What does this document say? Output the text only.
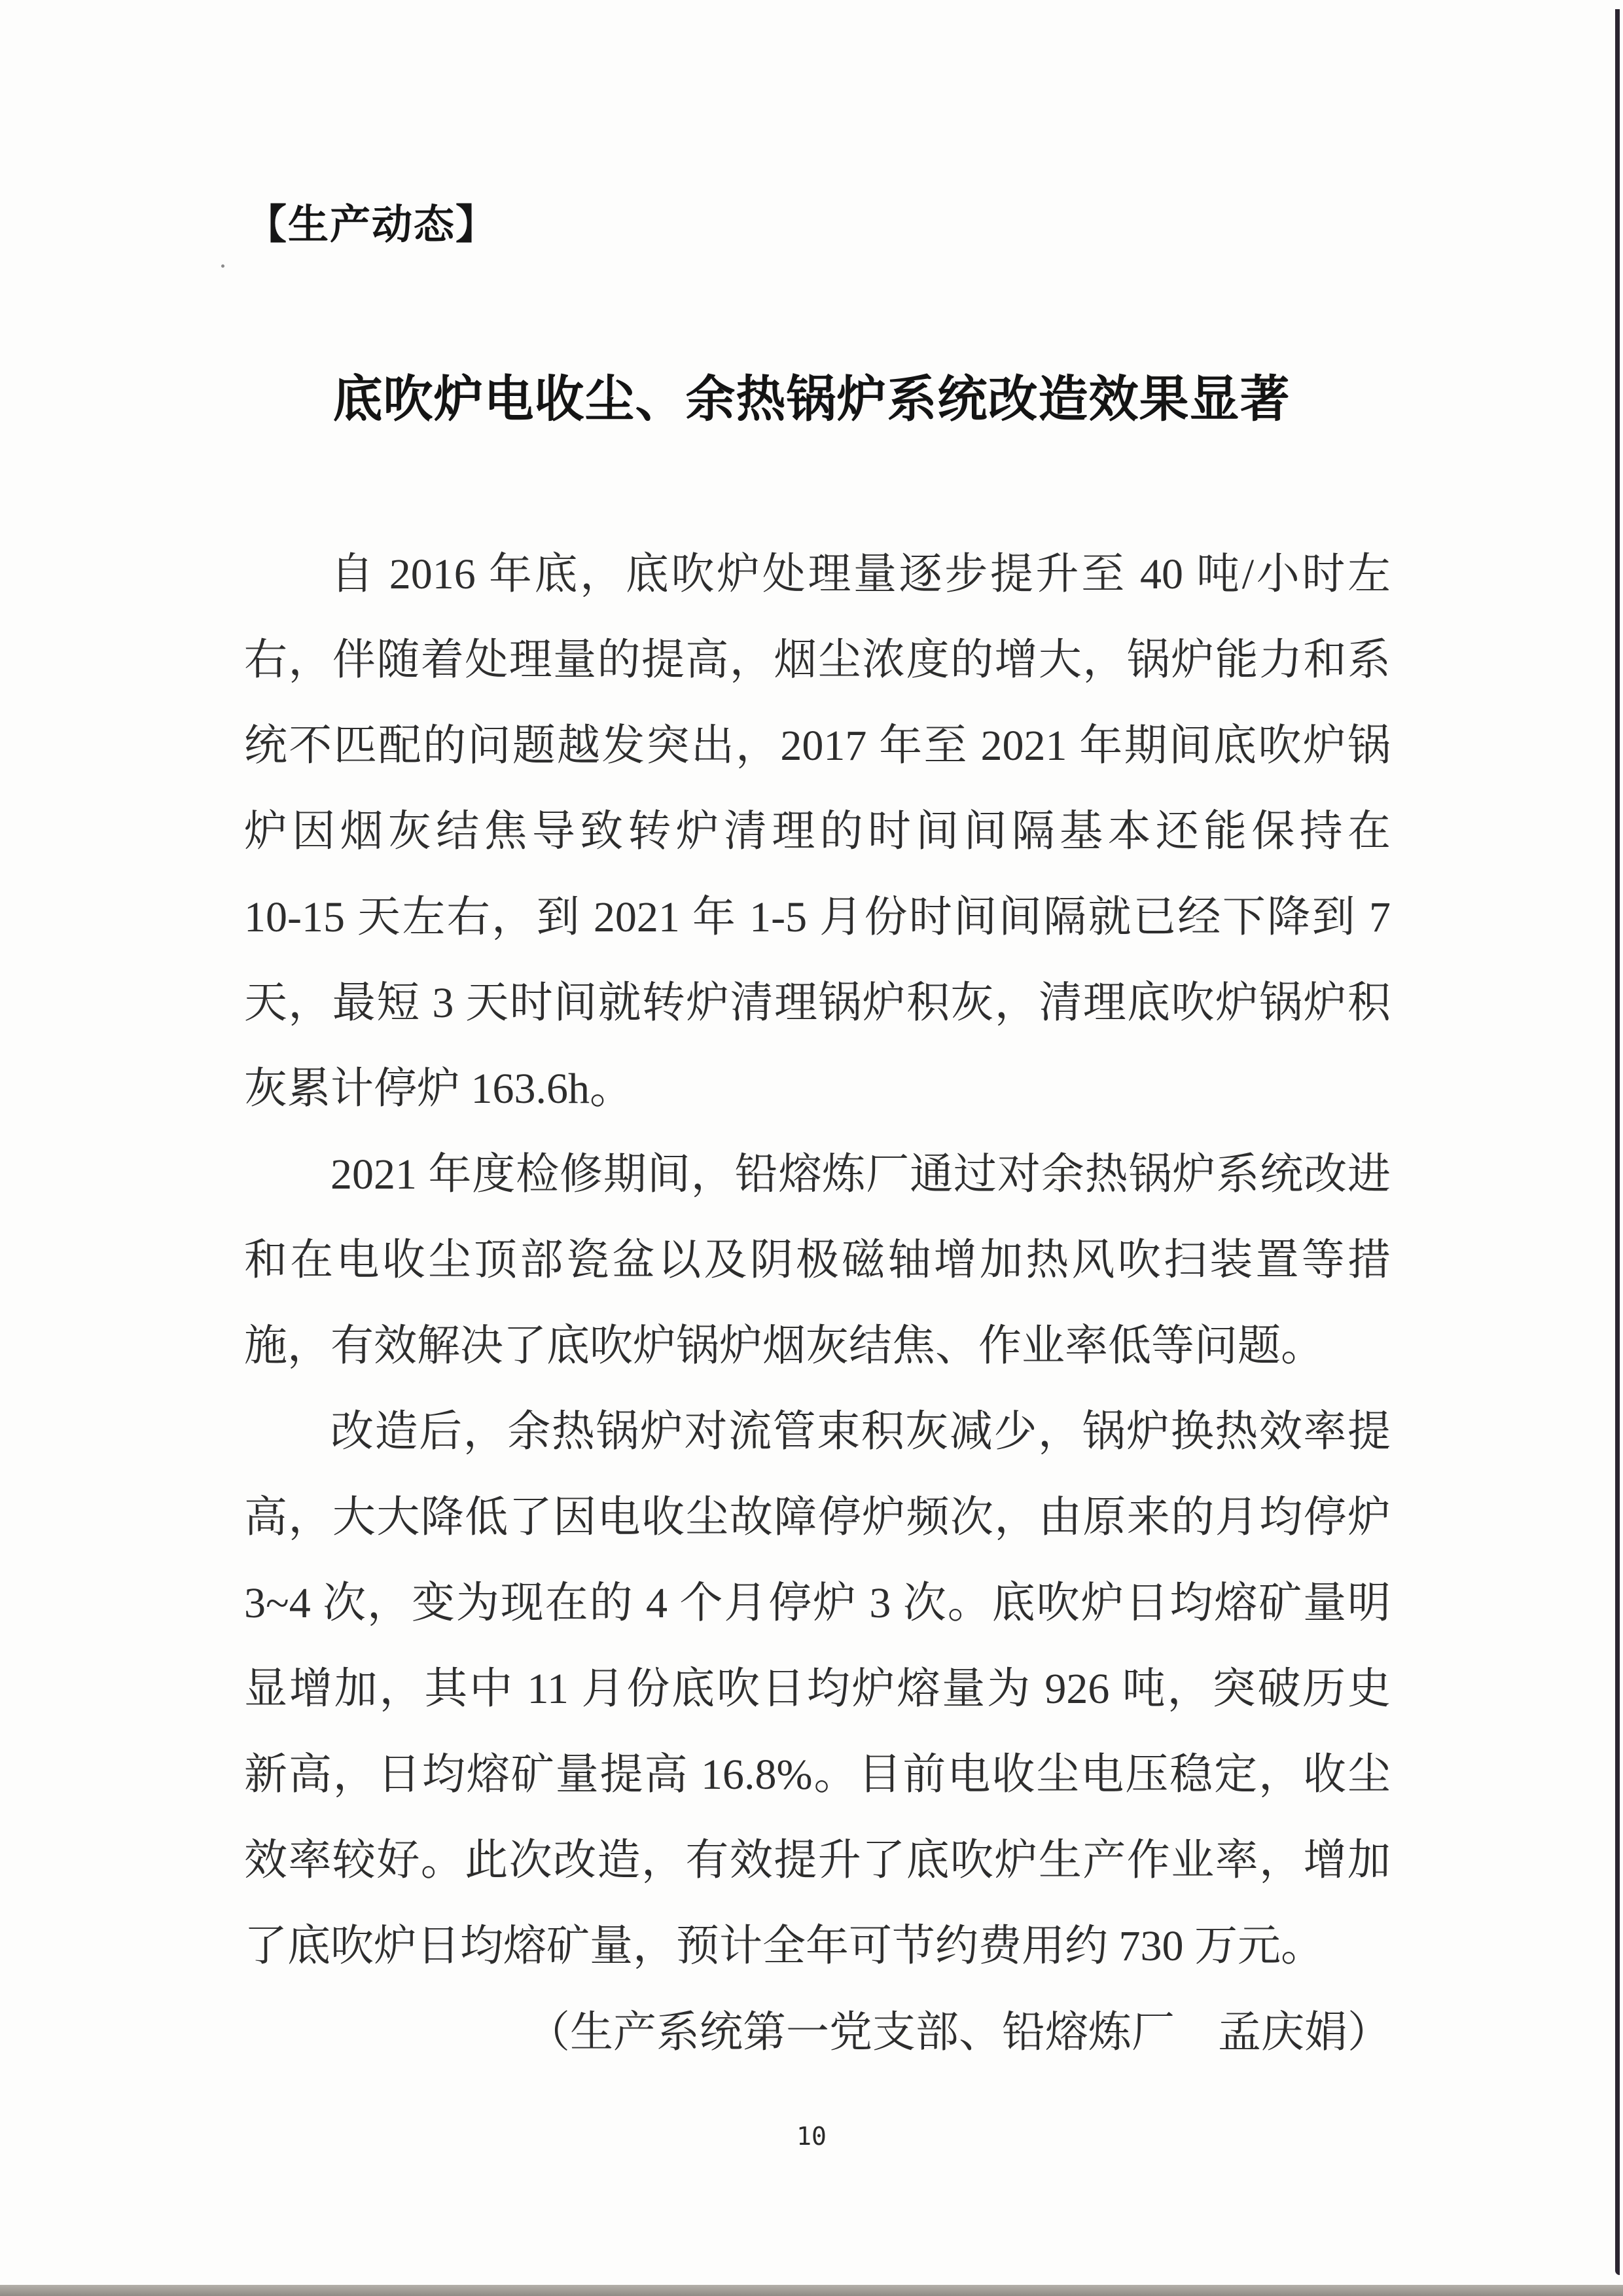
【生产动态】
底吹炉电收尘、余热锅炉系统改造效果显著
自 2016 年底，底吹炉处理量逐步提升至 40 吨/小时左
右，伴随着处理量的提高，烟尘浓度的增大，锅炉能力和系
统不匹配的问题越发突出，2017 年至 2021 年期间底吹炉锅
炉因烟灰结焦导致转炉清理的时间间隔基本还能保持在
10-15 天左右，到 2021 年 1-5 月份时间间隔就已经下降到 7
天，最短 3 天时间就转炉清理锅炉积灰，清理底吹炉锅炉积
灰累计停炉 163.6h。
2021 年度检修期间，铅熔炼厂通过对余热锅炉系统改进
和在电收尘顶部瓷盆以及阴极磁轴增加热风吹扫装置等措
施，有效解决了底吹炉锅炉烟灰结焦、作业率低等问题。
改造后，余热锅炉对流管束积灰减少，锅炉换热效率提
高，大大降低了因电收尘故障停炉频次，由原来的月均停炉
3~4 次，变为现在的 4 个月停炉 3 次。底吹炉日均熔矿量明
显增加，其中 11 月份底吹日均炉熔量为 926 吨，突破历史
新高，日均熔矿量提高 16.8%。目前电收尘电压稳定，收尘
效率较好。此次改造，有效提升了底吹炉生产作业率，增加
了底吹炉日均熔矿量，预计全年可节约费用约 730 万元。
（生产系统第一党支部、铅熔炼厂　孟庆娟）
10
